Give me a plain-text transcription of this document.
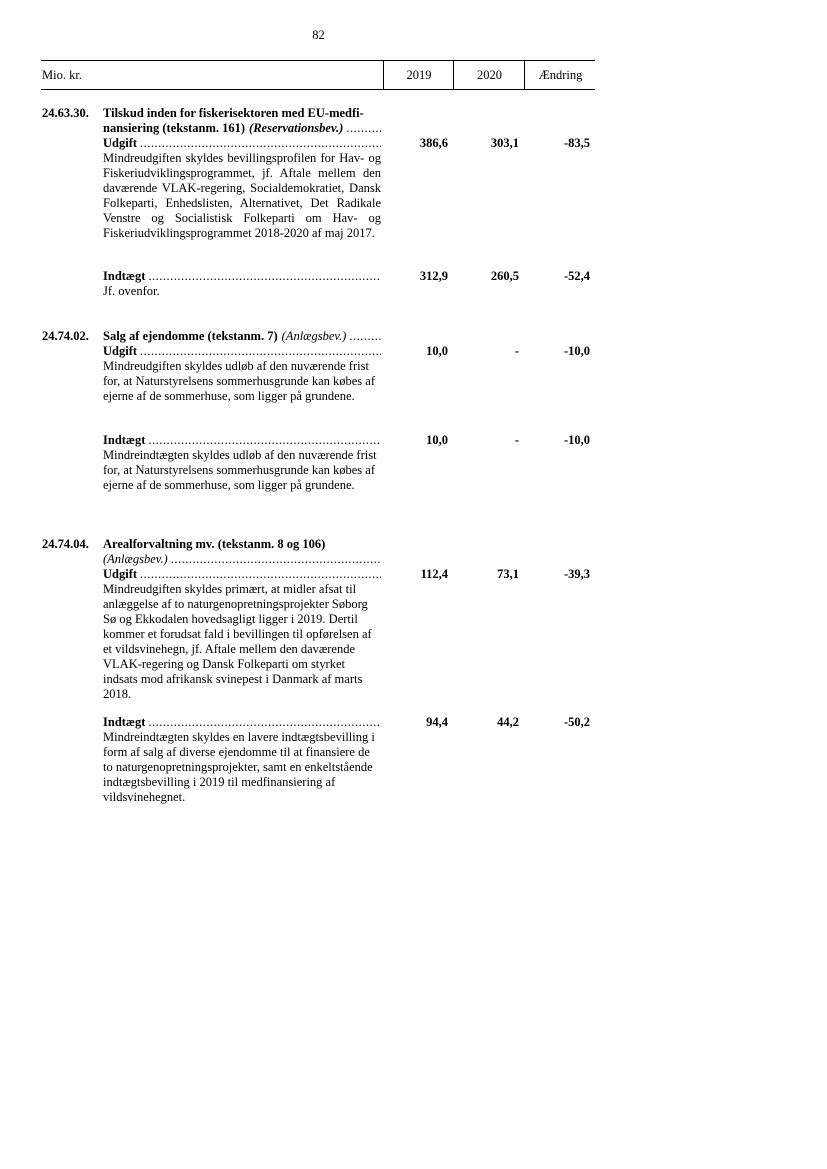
82
Mio. kr.	2019	2020	Ændring
24.63.30. Tilskud inden for fiskerisektoren med EU-medfi-

nansiering (tekstanm. 161) (Reservationsbev.)
.....
Udgift
.....
Mindreudgiften skyldes bevillingsprofilen for Hav- og Fiskeriudviklingsprogrammet, jf. Aftale mellem den daværende VLAK-regering, Socialdemokratiet, Dansk Folkeparti, Enhedslisten, Alternativet, Det Radikale Venstre og Socialistisk Folkeparti om Hav- og Fiskeriudviklingsprogrammet 2018-2020 af maj 2017.
386,6	303,1	-83,5
Indtægt
.....
Jf. ovenfor.
312,9	260,5	-52,4
24.74.02. Salg af ejendomme (tekstanm. 7) (Anlægsbev.)
.....
Udgift
.....
Mindreudgiften skyldes udløb af den nuværende frist for, at Naturstyrelsens sommerhusgrunde kan købes af ejerne af de sommerhuse, som ligger på grundene.
10,0	-	-10,0
Indtægt
.....
Mindreindtægten skyldes udløb af den nuværende frist for, at Naturstyrelsens sommerhusgrunde kan købes af ejerne af de sommerhuse, som ligger på grundene.
10,0	-	-10,0
24.74.04. Arealforvaltning mv. (tekstanm. 8 og 106)
(Anlægsbev.)
.....
Udgift
.....
Mindreudgiften skyldes primært, at midler afsat til anlæggelse af to naturgenopretningsprojekter Søborg Sø og Ekkodalen hovedsagligt ligger i 2019. Dertil kommer et forudsat fald i bevillingen til opførelsen af et vildsvinehegn, jf. Aftale mellem den daværende VLAK-regering og Dansk Folkeparti om styrket indsats mod afrikansk svinepest i Danmark af marts 2018.
112,4	73,1	-39,3
Indtægt
.....
Mindreindtægten skyldes en lavere indtægtsbevilling i form af salg af diverse ejendomme til at finansiere de to naturgenopretningsprojekter, samt en enkeltstående indtægtsbevilling i 2019 til medfinansiering af vildsvinehegnet.
94,4	44,2	-50,2
